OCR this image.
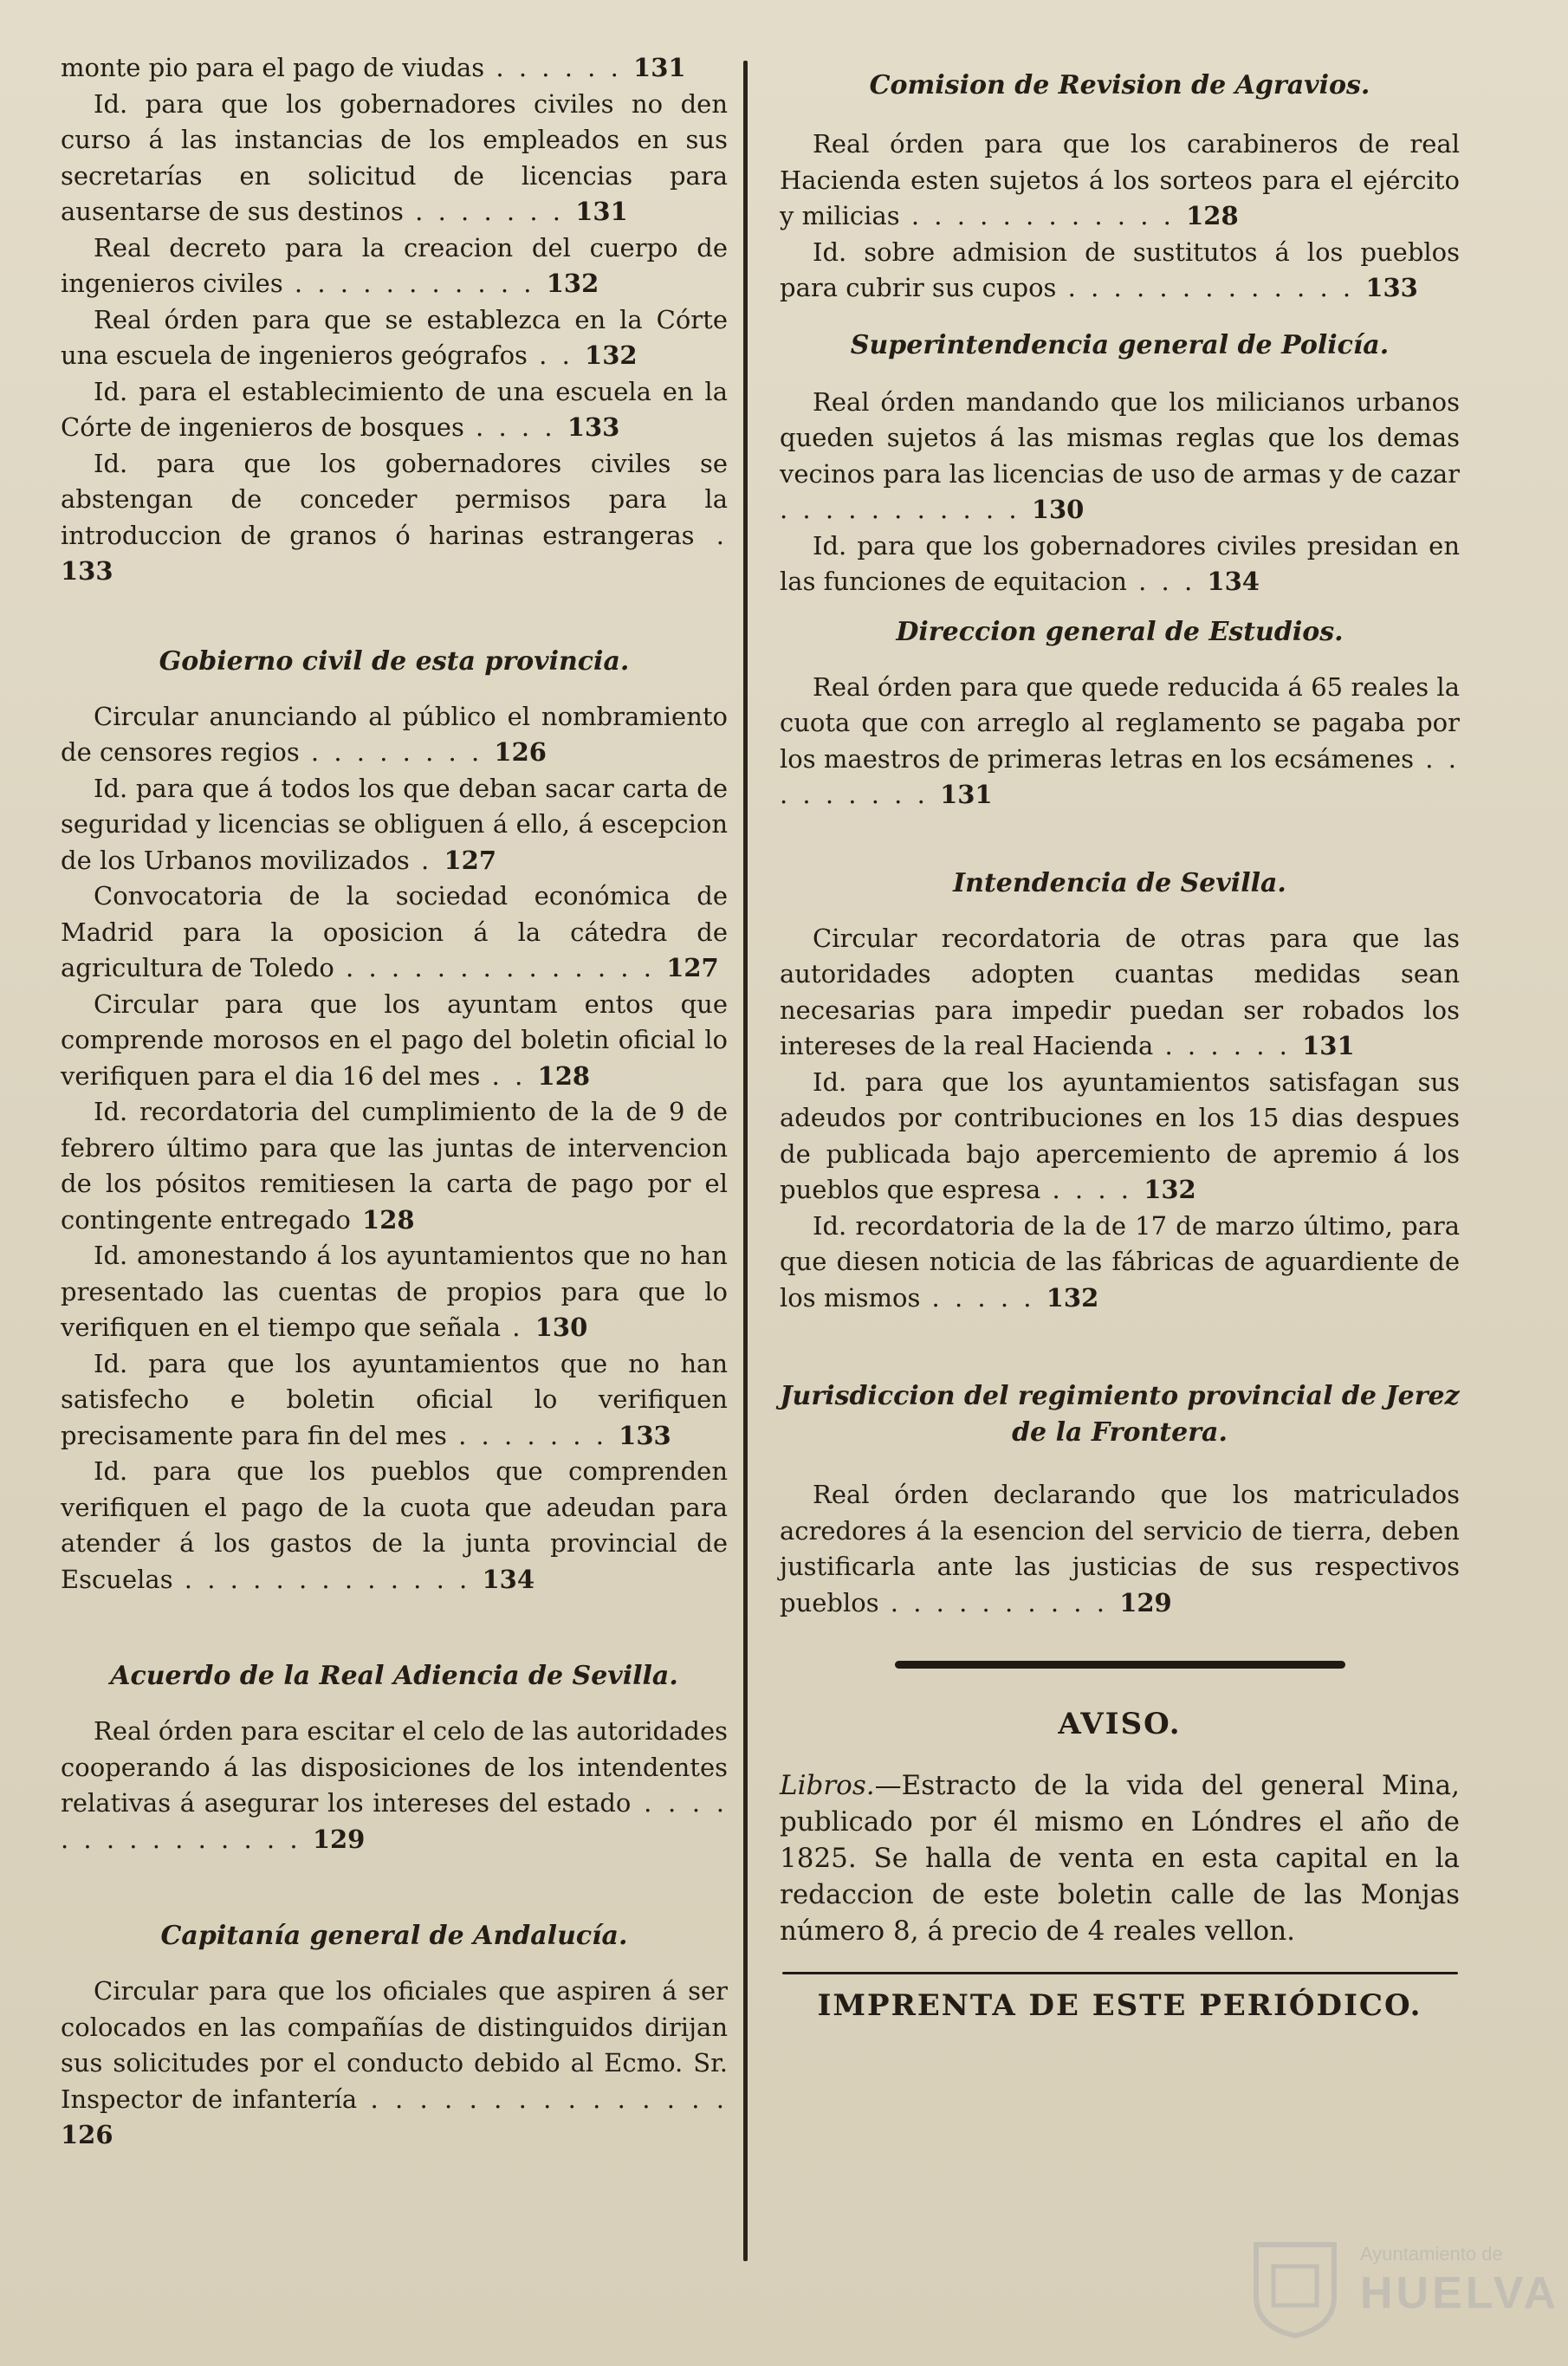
monte pio para el pago de viudas . . . . . . 131

Id. para que los gobernadores civiles no den curso á las instancias de los empleados en sus secretarías en solicitud de licencias para ausentarse de sus destinos . . . . . . . 131

Real decreto para la creacion del cuerpo de ingenieros civiles . . . . . . . . . . . 132

Real órden para que se establezca en la Córte una escuela de ingenieros geógrafos . . 132

Id. para el establecimiento de una escuela en la Córte de ingenieros de bosques . . . . 133

Id. para que los gobernadores civiles se abstengan de conceder permisos para la introduccion de granos ó harinas estrangeras . 133

Gobierno civil de esta provincia.

Circular anunciando al público el nombramiento de censores regios . . . . . . . . 126

Id. para que á todos los que deban sacar carta de seguridad y licencias se obliguen á ello, á escepcion de los Urbanos movilizados . 127

Convocatoria de la sociedad económica de Madrid para la oposicion á la cátedra de agricultura de Toledo . . . . . . . . . . . . . . 127

Circular para que los ayuntam entos que comprende morosos en el pago del boletin oficial lo verifiquen para el dia 16 del mes . . 128

Id. recordatoria del cumplimiento de la de 9 de febrero último para que las juntas de intervencion de los pósitos remitiesen la carta de pago por el contingente entregado 128

Id. amonestando á los ayuntamientos que no han presentado las cuentas de propios para que lo verifiquen en el tiempo que señala . 130

Id. para que los ayuntamientos que no han satisfecho e boletin oficial lo verifiquen precisamente para fin del mes . . . . . . . 133

Id. para que los pueblos que comprenden verifiquen el pago de la cuota que adeudan para atender á los gastos de la junta provincial de Escuelas . . . . . . . . . . . . . 134

Acuerdo de la Real Adiencia de Sevilla.

Real órden para escitar el celo de las autoridades cooperando á las disposiciones de los intendentes relativas á asegurar los intereses del estado . . . . . . . . . . . . . . . 129

Capitanía general de Andalucía.

Circular para que los oficiales que aspiren á ser colocados en las compañías de distinguidos dirijan sus solicitudes por el conducto debido al Ecmo. Sr. Inspector de infantería . . . . . . . . . . . . . . . 126

Comision de Revision de Agravios.

Real órden para que los carabineros de real Hacienda esten sujetos á los sorteos para el ejército y milicias . . . . . . . . . . . . 128

Id. sobre admision de sustitutos á los pueblos para cubrir sus cupos . . . . . . . . . . . . . 133

Superintendencia general de Policía.

Real órden mandando que los milicianos urbanos queden sujetos á las mismas reglas que los demas vecinos para las licencias de uso de armas y de cazar . . . . . . . . . . . 130

Id. para que los gobernadores civiles presidan en las funciones de equitacion . . . 134

Direccion general de Estudios.

Real órden para que quede reducida á 65 reales la cuota que con arreglo al reglamento se pagaba por los maestros de primeras letras en los ecsámenes . . . . . . . . . 131

Intendencia de Sevilla.

Circular recordatoria de otras para que las autoridades adopten cuantas medidas sean necesarias para impedir puedan ser robados los intereses de la real Hacienda . . . . . . 131

Id. para que los ayuntamientos satisfagan sus adeudos por contribuciones en los 15 dias despues de publicada bajo apercemiento de apremio á los pueblos que espresa . . . . 132

Id. recordatoria de la de 17 de marzo último, para que diesen noticia de las fábricas de aguardiente de los mismos . . . . . 132

Jurisdiccion del regimiento provincial de Jerez de la Frontera.

Real órden declarando que los matriculados acredores á la esencion del servicio de tierra, deben justificarla ante las justicias de sus respectivos pueblos . . . . . . . . . . 129

AVISO.

Libros.—Estracto de la vida del general Mina, publicado por él mismo en Lóndres el año de 1825. Se halla de venta en esta capital en la redaccion de este boletin calle de las Monjas número 8, á precio de 4 reales vellon.

IMPRENTA DE ESTE PERIÓDICO.

Ayuntamiento de
HUELVA
